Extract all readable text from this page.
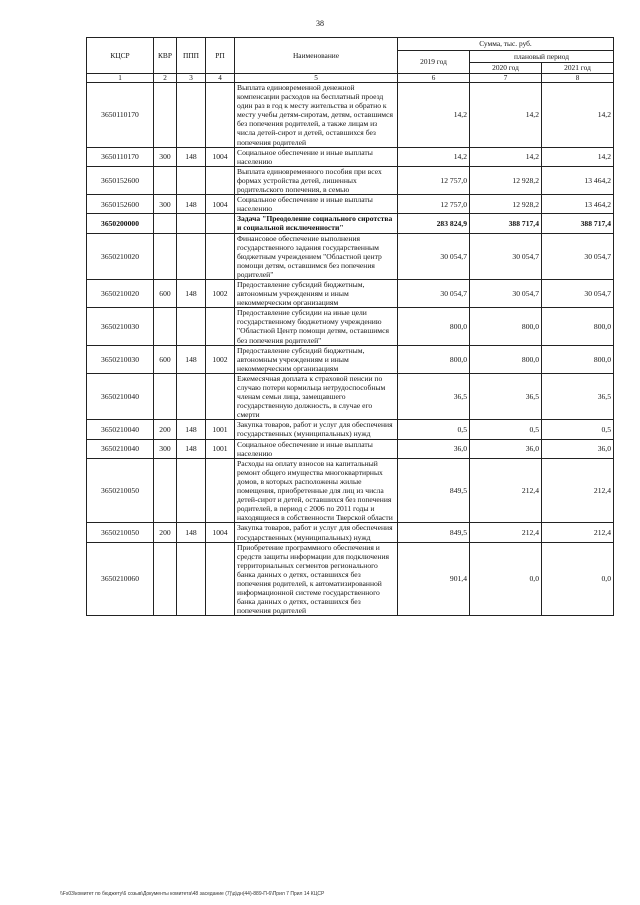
38
КЦСР	КВР	ППП	РП	Наименование	Сумма, тыс. руб.		
					2019 год	плановый период	
						2020 год	2021 год
1	2	3	4	5	6	7	8
3650110170				Выплата единовременной денежной компенсации расходов на бесплатный проезд один раз в год к месту жительства и обратно к месту учебы детям-сиротам, детям, оставшимся без попечения родителей, а также лицам из числа детей-сирот и детей, оставшихся без попечения родителей	14,2	14,2	14,2
3650110170	300	148	1004	Социальное обеспечение и иные выплаты населению	14,2	14,2	14,2
3650152600				Выплата единовременного пособия при всех формах устройства детей, лишенных родительского попечения, в семью	12 757,0	12 928,2	13 464,2
3650152600	300	148	1004	Социальное обеспечение и иные выплаты населению	12 757,0	12 928,2	13 464,2
3650200000				Задача "Преодоление социального сиротства и социальной исключенности"	283 824,9	388 717,4	388 717,4
3650210020				Финансовое обеспечение выполнения государственного задания государственным бюджетным учреждением "Областной центр помощи детям, оставшимся без попечения родителей"	30 054,7	30 054,7	30 054,7
3650210020	600	148	1002	Предоставление субсидий бюджетным, автономным учреждениям и иным некоммерческим организациям	30 054,7	30 054,7	30 054,7
3650210030				Предоставление субсидии на иные цели государственному бюджетному учреждению "Областной Центр помощи детям, оставшимся без попечения родителей"	800,0	800,0	800,0
3650210030	600	148	1002	Предоставление субсидий бюджетным, автономным учреждениям и иным некоммерческим организациям	800,0	800,0	800,0
3650210040				Ежемесячная доплата к страховой пенсии по случаю потери кормильца нетрудоспособным членам семьи лица, замещавшего государственную должность, в случае его смерти	36,5	36,5	36,5
3650210040	200	148	1001	Закупка товаров, работ и услуг для обеспечения государственных (муниципальных) нужд	0,5	0,5	0,5
3650210040	300	148	1001	Социальное обеспечение и иные выплаты населению	36,0	36,0	36,0
3650210050				Расходы на оплату взносов на капитальный ремонт общего имущества многоквартирных домов, в которых расположены жилые помещения, приобретенные для лиц из числа детей-сирот и детей, оставшихся без попечения родителей, в период с 2006 по 2011 годы и находящиеся в собственности Тверской области	849,5	212,4	212,4
3650210050	200	148	1004	Закупка товаров, работ и услуг для обеспечения государственных (муниципальных) нужд	849,5	212,4	212,4
3650210060				Приобретение программного обеспечения и средств защиты информации для подключения территориальных сегментов регионального банка данных о детях, оставшихся без попечения родителей, к автоматизированной информационной системе государственного банка данных о детях, оставшихся без попечения родителей	901,4	0,0	0,0
\\Fs03\комитет по бюджету\6 созыв\Документы комитета\48 заседание (7)\д\дн(44)-889-П-6\Прил 7 Прил 14 КЦСР
